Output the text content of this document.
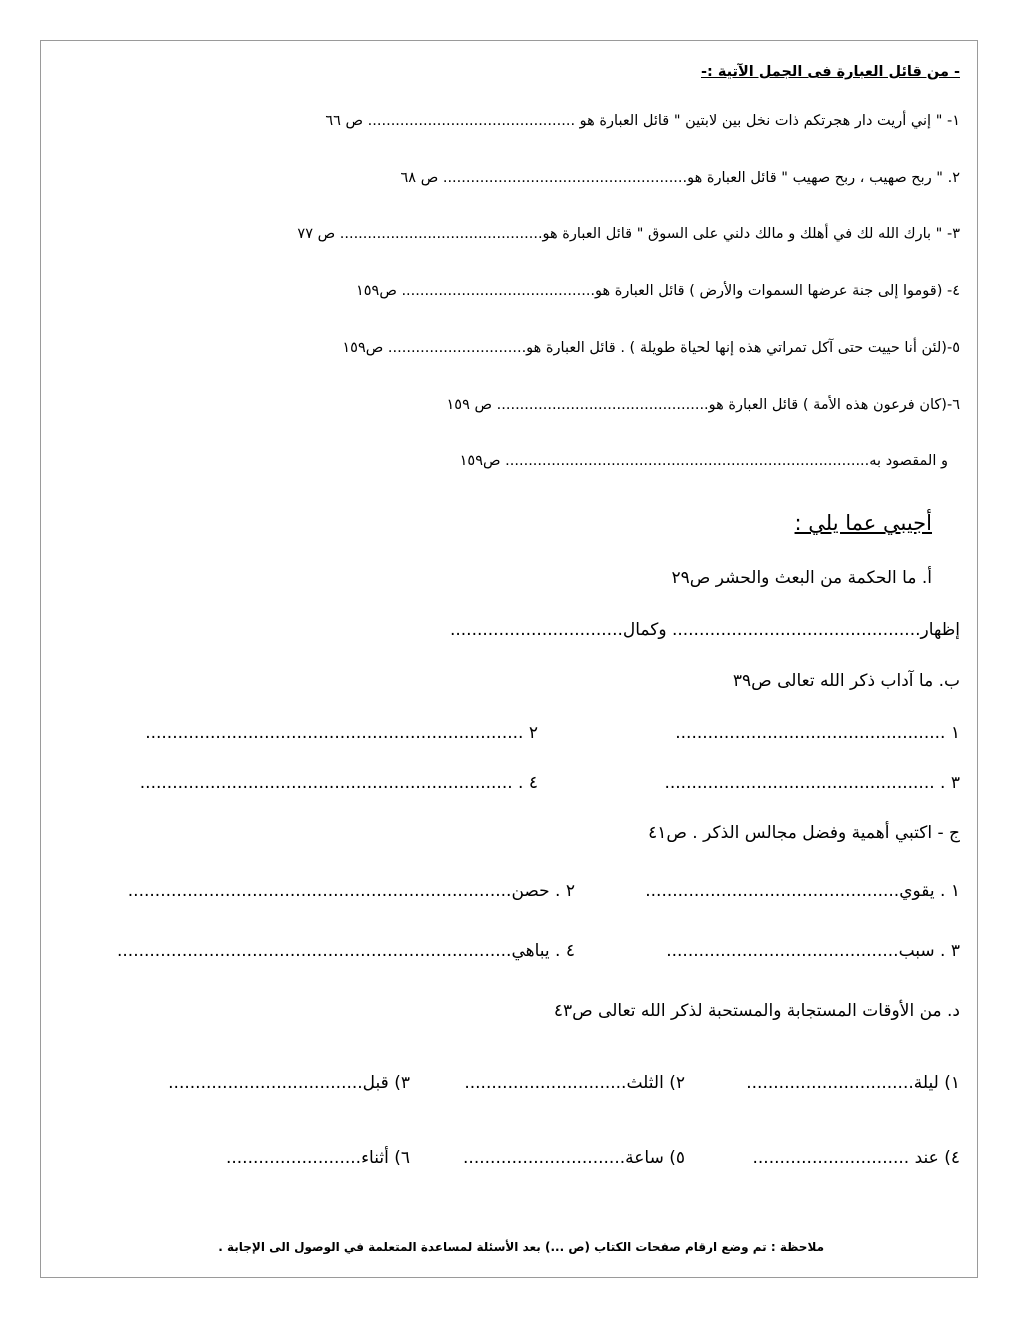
- من قائل العبارة فى الجمل الآتية :-
١- " إني أريت دار هجرتكم ذات نخل بين لابتين " قائل العبارة هو ............................................. ص ٦٦
٢. " ربح صهيب ، ربح صهيب " قائل العبارة هو..................................................... ص ٦٨
٣- " بارك الله لك في أهلك و مالك دلني على السوق " قائل العبارة هو............................................ ص ٧٧
٤- (قوموا إلى جنة عرضها السموات والأرض ) قائل العبارة هو.......................................... ص١٥٩
٥-(لئن أنا حييت حتى آكل تمراتي هذه إنها لحياة طويلة ) . قائل العبارة هو.............................. ص١٥٩
٦-(كان فرعون هذه الأمة ) قائل العبارة هو.............................................. ص ١٥٩
و المقصود به............................................................................... ص١٥٩
أجيبي عما يلي :
أ. ما الحكمة من البعث والحشر ص٢٩
إظهار.............................................. وكمال................................
ب. ما آداب ذكر الله تعالى ص٣٩
١ ..................................................
٢ ......................................................................
٣ . ..................................................
٤ . .....................................................................
ج - اكتبي أهمية وفضل مجالس الذكر . ص٤١
١ . يقوي...............................................
٢ . حصن.......................................................................
٣ . سبب...........................................
٤ . يباهي.........................................................................
د. من الأوقات المستجابة والمستحبة لذكر الله تعالى ص٤٣
١) ليلة...............................
٢) الثلث..............................
٣) قبل....................................
٤) عند .............................
٥) ساعة..............................
٦) أثناء.........................
ملاحظة : تم وضع ارقام صفحات الكتاب (ص ...) بعد الأسئلة لمساعدة المتعلمة في الوصول الى الإجابة .
